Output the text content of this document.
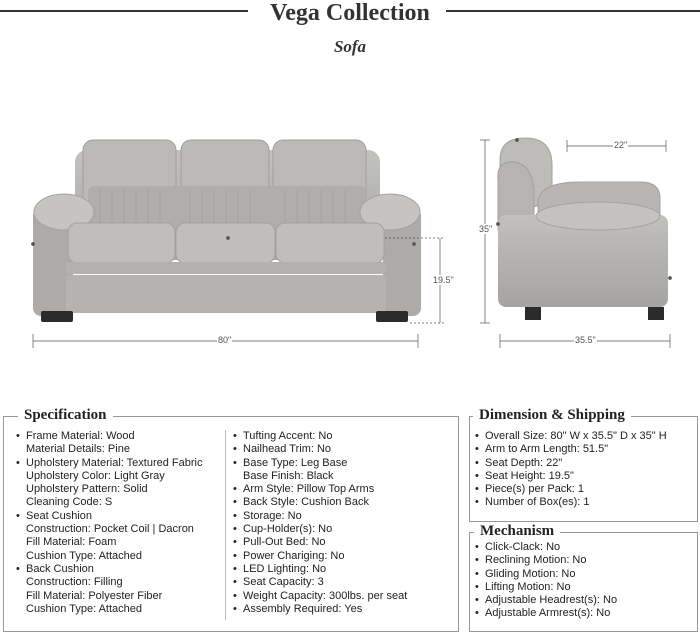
Vega Collection
Sofa
80"
19.5"
35"
22"
35.5"
Specification
• Frame Material: Wood
Material Details: Pine
• Upholstery Material: Textured Fabric
Upholstery Color: Light Gray
Upholstery Pattern: Solid
Cleaning Code: S
• Seat Cushion
Construction: Pocket Coil | Dacron
Fill Material: Foam
Cushion Type: Attached
• Back Cushion
Construction: Filling
Fill Material: Polyester Fiber
Cushion Type: Attached
• Tufting Accent: No
• Nailhead Trim: No
• Base Type: Leg Base
Base Finish: Black
• Arm Style: Pillow Top Arms
• Back Style: Cushion Back
• Storage: No
• Cup-Holder(s): No
• Pull-Out Bed: No
• Power Chariging: No
• LED Lighting: No
• Seat Capacity: 3
• Weight Capacity: 300lbs. per seat
• Assembly Required: Yes
Dimension & Shipping
• Overall Size: 80" W x 35.5" D x 35" H
• Arm to Arm Length: 51.5"
• Seat Depth: 22"
• Seat Height: 19.5"
• Piece(s) per Pack: 1
• Number of Box(es): 1
Mechanism
• Click-Clack: No
• Reclining Motion: No
• Gliding Motion: No
• Lifting Motion: No
• Adjustable Headrest(s): No
• Adjustable Armrest(s): No
